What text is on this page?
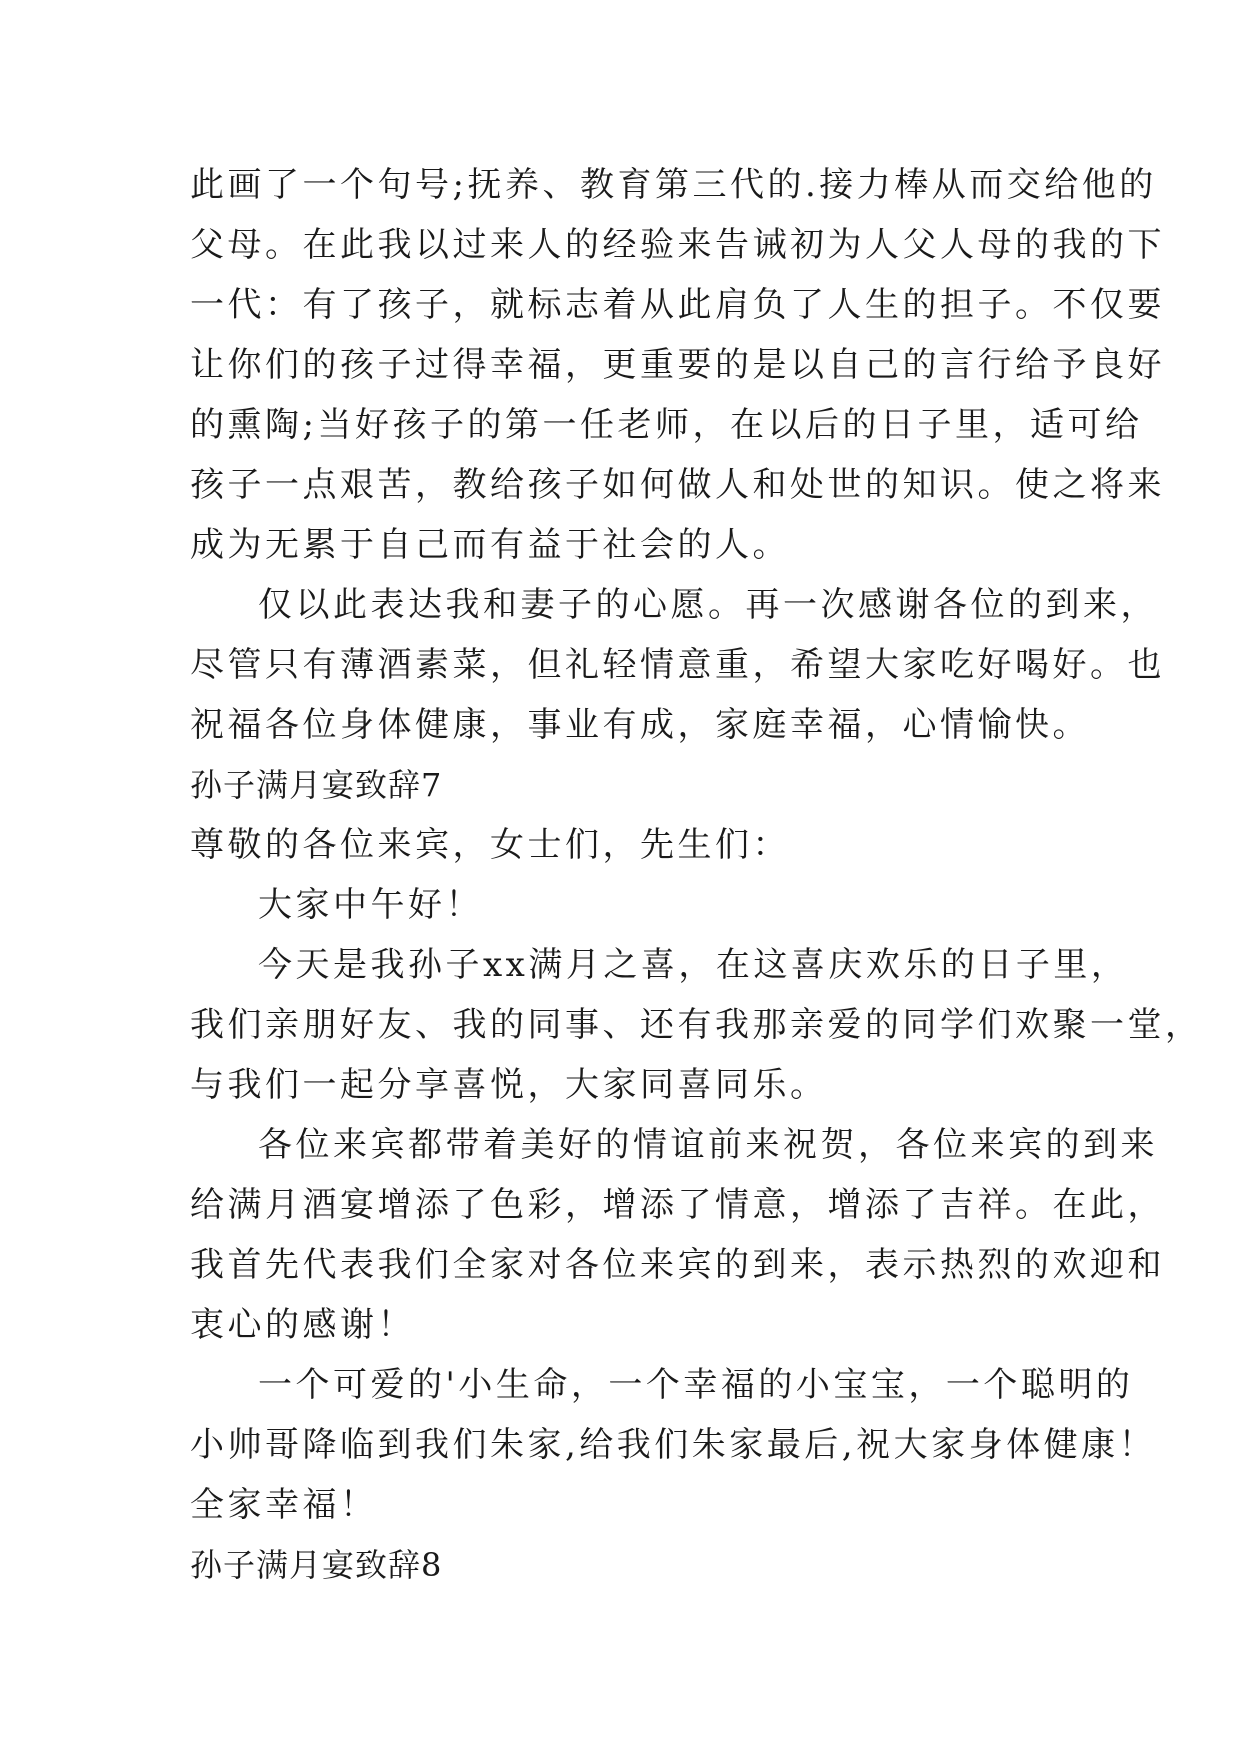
此画了一个句号;抚养、教育第三代的.接力棒从而交给他的
父母。在此我以过来人的经验来告诫初为人父人母的我的下
一代：有了孩子，就标志着从此肩负了人生的担子。不仅要
让你们的孩子过得幸福，更重要的是以自己的言行给予良好
的熏陶;当好孩子的第一任老师，在以后的日子里，适可给
孩子一点艰苦，教给孩子如何做人和处世的知识。使之将来
成为无累于自己而有益于社会的人。
仅以此表达我和妻子的心愿。再一次感谢各位的到来，
尽管只有薄酒素菜，但礼轻情意重，希望大家吃好喝好。也
祝福各位身体健康，事业有成，家庭幸福，心情愉快。
孙子满月宴致辞7
尊敬的各位来宾，女士们，先生们：
大家中午好！
今天是我孙子xx满月之喜，在这喜庆欢乐的日子里，
我们亲朋好友、我的同事、还有我那亲爱的同学们欢聚一堂，
与我们一起分享喜悦，大家同喜同乐。
各位来宾都带着美好的情谊前来祝贺，各位来宾的到来
给满月酒宴增添了色彩，增添了情意，增添了吉祥。在此，
我首先代表我们全家对各位来宾的到来，表示热烈的欢迎和
衷心的感谢！
一个可爱的'小生命，一个幸福的小宝宝，一个聪明的
小帅哥降临到我们朱家,给我们朱家最后,祝大家身体健康！
全家幸福！
孙子满月宴致辞8
